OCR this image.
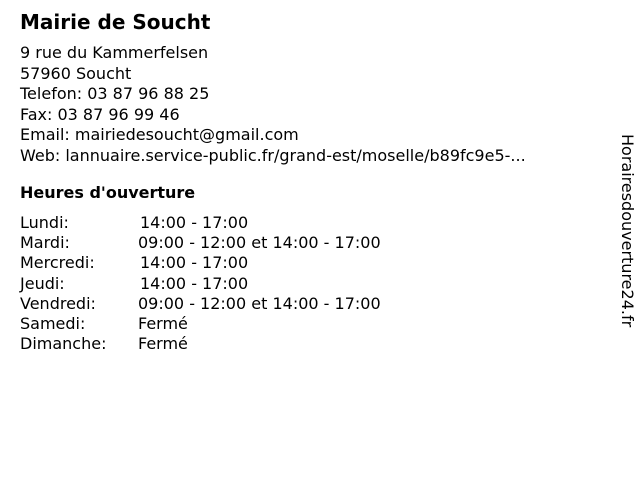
Mairie de Soucht
9 rue du Kammerfelsen
57960 Soucht
Telefon: 03 87 96 88 25
Fax: 03 87 96 99 46
Email: mairiedesoucht@gmail.com
Web: lannuaire.service-public.fr/grand-est/moselle/b89fc9e5-...
Heures d'ouverture
Lundi:	14:00 - 17:00
Mardi:	09:00 - 12:00 et 14:00 - 17:00
Mercredi:	14:00 - 17:00
Jeudi:	14:00 - 17:00
Vendredi:	09:00 - 12:00 et 14:00 - 17:00
Samedi:	Fermé
Dimanche: Fermé
Horairesdouverture24.fr
